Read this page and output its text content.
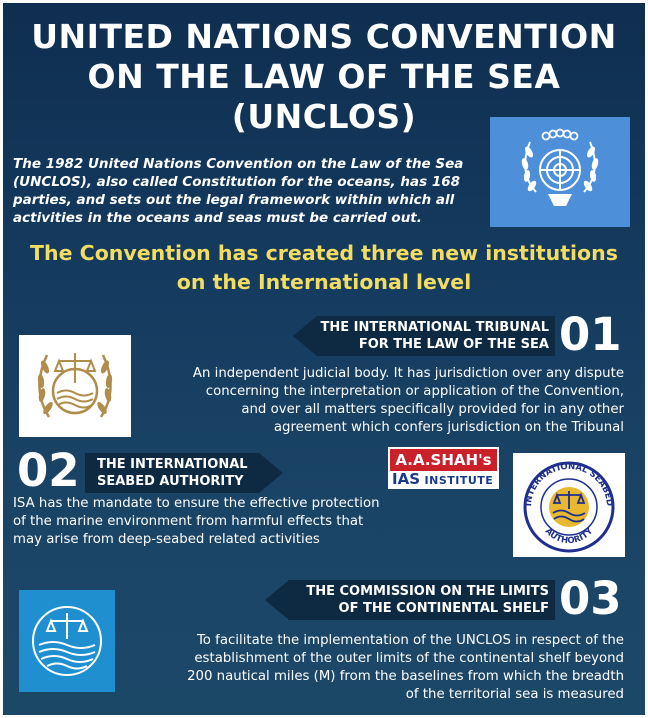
UNITED NATIONS CONVENTION
ON THE LAW OF THE SEA
(UNCLOS)
The 1982 United Nations Convention on the Law of the Sea
(UNCLOS), also called Constitution for the oceans, has 168
parties, and sets out the legal framework within which all
activities in the oceans and seas must be carried out.
The Convention has created three new institutions
on the International level
THE INTERNATIONAL TRIBUNAL
FOR THE LAW OF THE SEA 01
An independent judicial body. It has jurisdiction over any dispute
concerning the interpretation or application of the Convention,
and over all matters specifically provided for in any other
agreement which confers jurisdiction on the Tribunal
02 THE INTERNATIONAL
SEABED AUTHORITY
A.A.SHAH's
IAS INSTITUTE
INTERNATIONAL SEABED
AUTHORITY
ISA has the mandate to ensure the effective protection
of the marine environment from harmful effects that
may arise from deep-seabed related activities
THE COMMISSION ON THE LIMITS
OF THE CONTINENTAL SHELF 03
To facilitate the implementation of the UNCLOS in respect of the
establishment of the outer limits of the continental shelf beyond
200 nautical miles (M) from the baselines from which the breadth
of the territorial sea is measured
